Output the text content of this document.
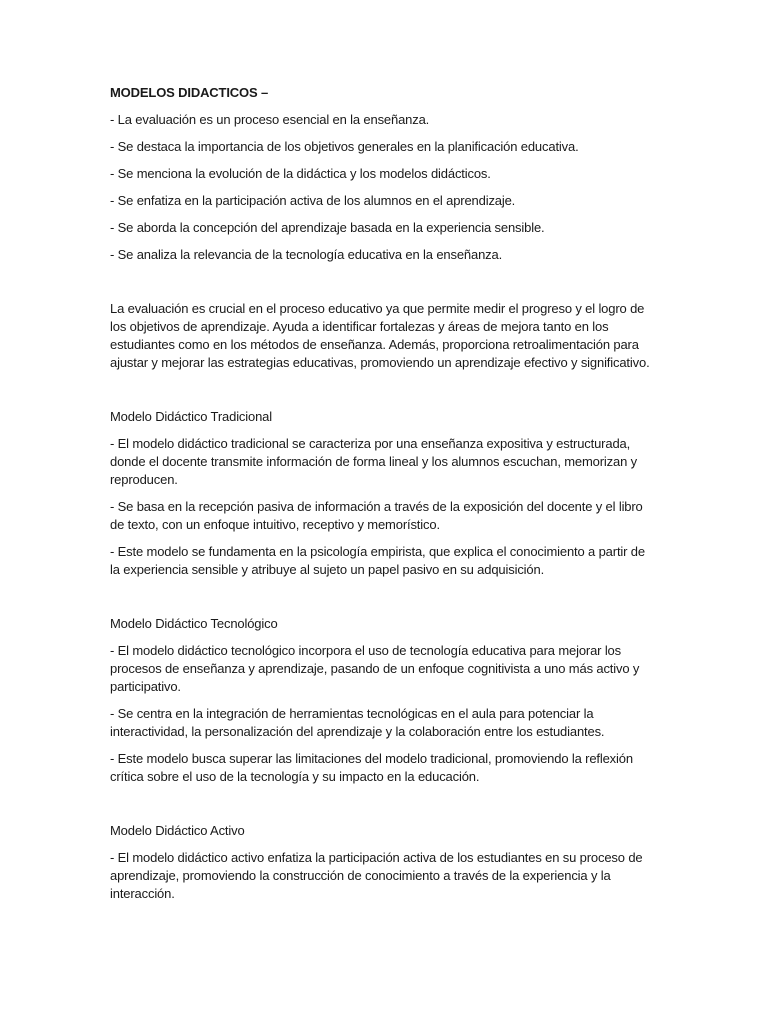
MODELOS DIDACTICOS –

- La evaluación es un proceso esencial en la enseñanza.

- Se destaca la importancia de los objetivos generales en la planificación educativa.

- Se menciona la evolución de la didáctica y los modelos didácticos.

- Se enfatiza en la participación activa de los alumnos en el aprendizaje.

- Se aborda la concepción del aprendizaje basada en la experiencia sensible.

- Se analiza la relevancia de la tecnología educativa en la enseñanza.

La evaluación es crucial en el proceso educativo ya que permite medir el progreso y el logro de los objetivos de aprendizaje. Ayuda a identificar fortalezas y áreas de mejora tanto en los estudiantes como en los métodos de enseñanza. Además, proporciona retroalimentación para ajustar y mejorar las estrategias educativas, promoviendo un aprendizaje efectivo y significativo.

Modelo Didáctico Tradicional

- El modelo didáctico tradicional se caracteriza por una enseñanza expositiva y estructurada, donde el docente transmite información de forma lineal y los alumnos escuchan, memorizan y reproducen.

- Se basa en la recepción pasiva de información a través de la exposición del docente y el libro de texto, con un enfoque intuitivo, receptivo y memorístico.

- Este modelo se fundamenta en la psicología empirista, que explica el conocimiento a partir de la experiencia sensible y atribuye al sujeto un papel pasivo en su adquisición.

Modelo Didáctico Tecnológico

- El modelo didáctico tecnológico incorpora el uso de tecnología educativa para mejorar los procesos de enseñanza y aprendizaje, pasando de un enfoque cognitivista a uno más activo y participativo.

- Se centra en la integración de herramientas tecnológicas en el aula para potenciar la interactividad, la personalización del aprendizaje y la colaboración entre los estudiantes.

- Este modelo busca superar las limitaciones del modelo tradicional, promoviendo la reflexión crítica sobre el uso de la tecnología y su impacto en la educación.

Modelo Didáctico Activo

- El modelo didáctico activo enfatiza la participación activa de los estudiantes en su proceso de aprendizaje, promoviendo la construcción de conocimiento a través de la experiencia y la interacción.
